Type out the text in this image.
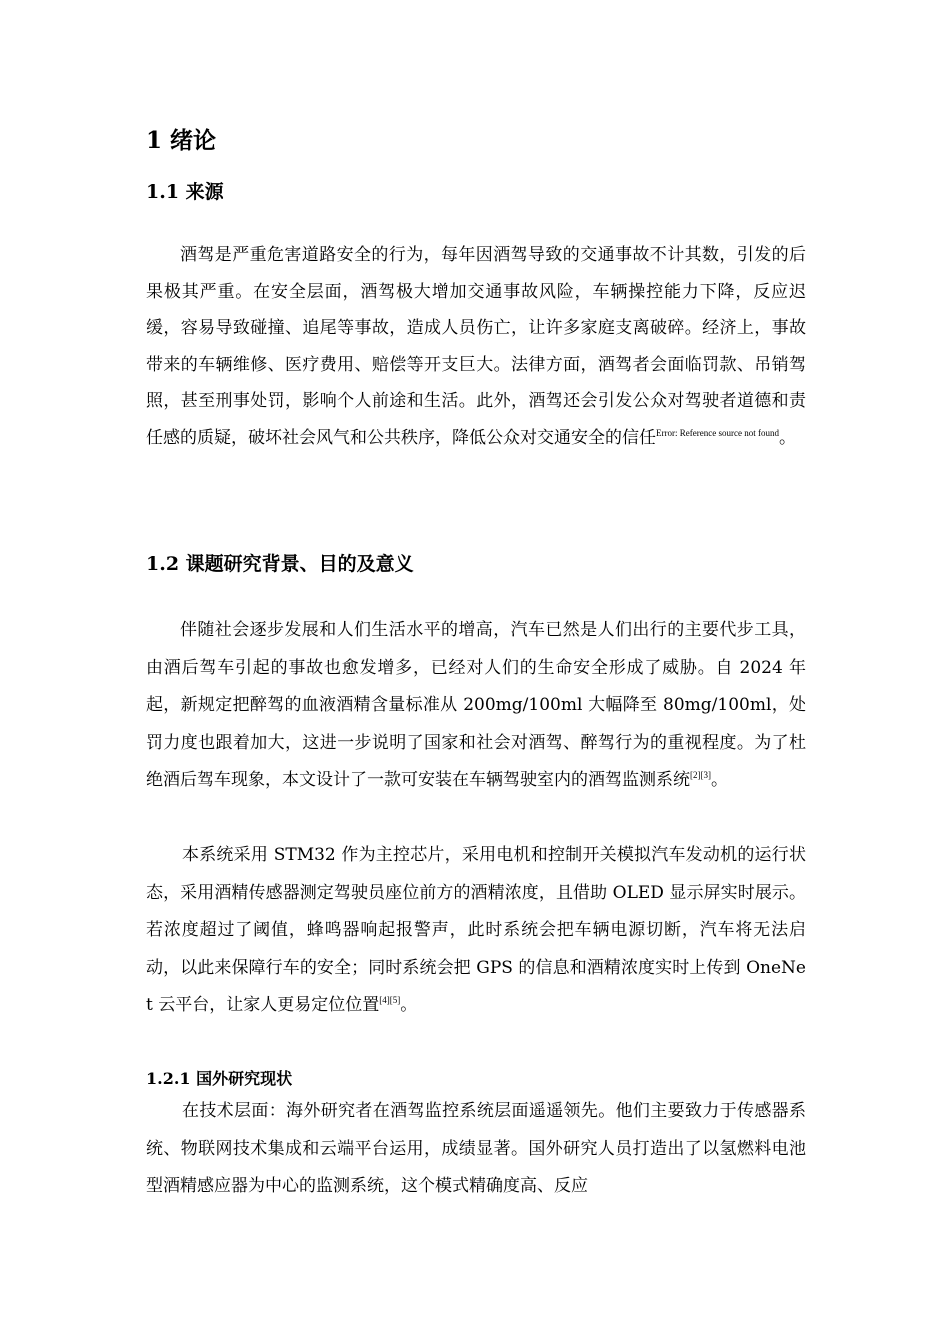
1 绪论
1.1 来源

酒驾是严重危害道路安全的行为，每年因酒驾导致的交通事故不计其数，引发的后果极其严重。在安全层面，酒驾极大增加交通事故风险，车辆操控能力下降，反应迟缓，容易导致碰撞、追尾等事故，造成人员伤亡，让许多家庭支离破碎。经济上，事故带来的车辆维修、医疗费用、赔偿等开支巨大。法律方面，酒驾者会面临罚款、吊销驾照，甚至刑事处罚，影响个人前途和生活。此外，酒驾还会引发公众对驾驶者道德和责任感的质疑，破坏社会风气和公共秩序，降低公众对交通安全的信任$^{Error: Reference source not found}$。

1.2 课题研究背景、目的及意义

伴随社会逐步发展和人们生活水平的增高，汽车已然是人们出行的主要代步工具，由酒后驾车引起的事故也愈发增多，已经对人们的生命安全形成了威胁。自 2024 年起，新规定把醉驾的血液酒精含量标准从 200mg/100ml 大幅降至 80mg/100ml，处罚力度也跟着加大，这进一步说明了国家和社会对酒驾、醉驾行为的重视程度。为了杜绝酒后驾车现象，本文设计了一款可安装在车辆驾驶室内的酒驾监测系统[2][3]。

本系统采用 STM32 作为主控芯片，采用电机和控制开关模拟汽车发动机的运行状态，采用酒精传感器测定驾驶员座位前方的酒精浓度，且借助 OLED 显示屏实时展示。若浓度超过了阈值，蜂鸣器响起报警声，此时系统会把车辆电源切断，汽车将无法启动，以此来保障行车的安全；同时系统会把 GPS 的信息和酒精浓度实时上传到 OneNet 云平台，让家人更易定位位置[4][5]。

1.2.1 国外研究现状

在技术层面：海外研究者在酒驾监控系统层面遥遥领先。他们主要致力于传感器系统、物联网技术集成和云端平台运用，成绩显著。国外研究人员打造出了以氢燃料电池型酒精感应器为中心的监测系统，这个模式精确度高、反应
